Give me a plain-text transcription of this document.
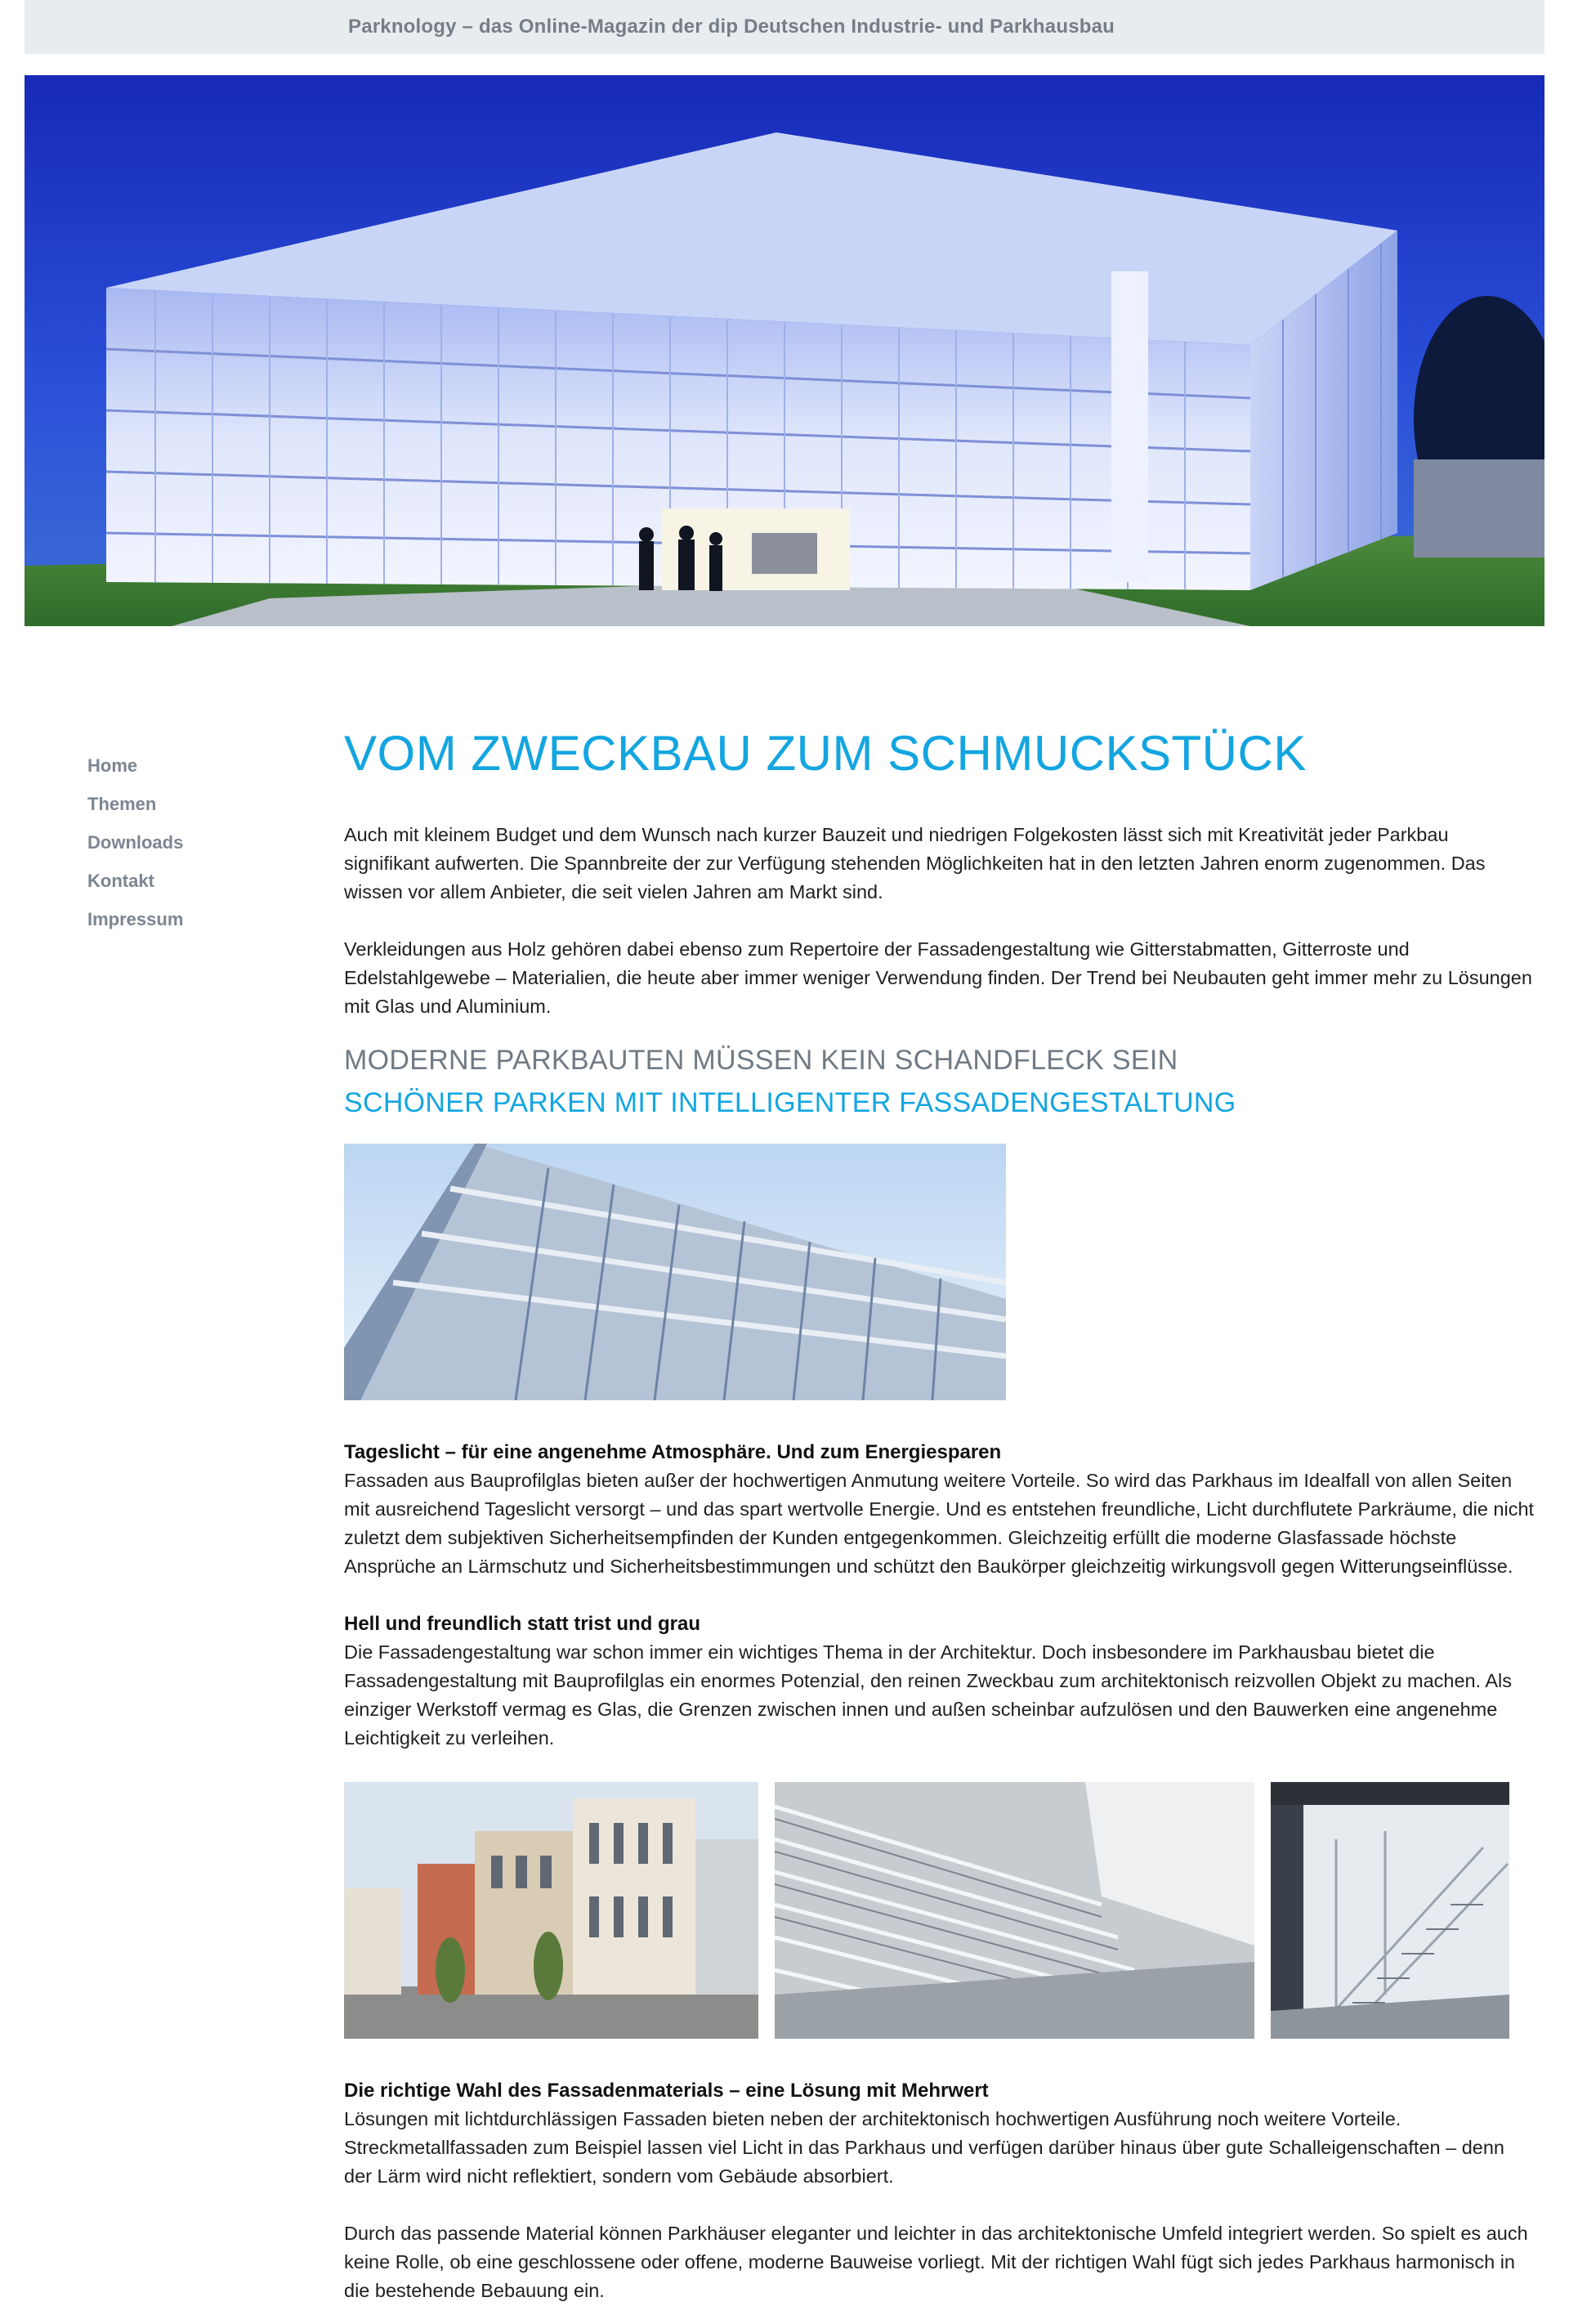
Parknology – das Online-Magazin der dip Deutschen Industrie- und Parkhausbau
Home
Themen
Downloads
Kontakt
Impressum
VOM ZWECKBAU ZUM SCHMUCKSTÜCK

Auch mit kleinem Budget und dem Wunsch nach kurzer Bauzeit und niedrigen Folgekosten lässt sich mit Kreativität jeder Parkbau signifikant aufwerten. Die Spannbreite der zur Verfügung stehenden Möglichkeiten hat in den letzten Jahren enorm zugenommen. Das wissen vor allem Anbieter, die seit vielen Jahren am Markt sind.

Verkleidungen aus Holz gehören dabei ebenso zum Repertoire der Fassadengestaltung wie Gitterstabmatten, Gitterroste und Edelstahlgewebe – Materialien, die heute aber immer weniger Verwendung finden. Der Trend bei Neubauten geht immer mehr zu Lösungen mit Glas und Aluminium.

MODERNE PARKBAUTEN MÜSSEN KEIN SCHANDFLECK SEIN
SCHÖNER PARKEN MIT INTELLIGENTER FASSADENGESTALTUNG
Tageslicht – für eine angenehme Atmosphäre. Und zum Energiesparen

Fassaden aus Bauprofilglas bieten außer der hochwertigen Anmutung weitere Vorteile. So wird das Parkhaus im Idealfall von allen Seiten mit ausreichend Tageslicht versorgt – und das spart wertvolle Energie. Und es entstehen freundliche, Licht durchflutete Parkräume, die nicht zuletzt dem subjektiven Sicherheitsempfinden der Kunden entgegenkommen. Gleichzeitig erfüllt die moderne Glasfassade höchste Ansprüche an Lärmschutz und Sicherheitsbestimmungen und schützt den Baukörper gleichzeitig wirkungsvoll gegen Witterungseinflüsse.

Hell und freundlich statt trist und grau

Die Fassadengestaltung war schon immer ein wichtiges Thema in der Architektur. Doch insbesondere im Parkhausbau bietet die Fassadengestaltung mit Bauprofilglas ein enormes Potenzial, den reinen Zweckbau zum architektonisch reizvollen Objekt zu machen. Als einziger Werkstoff vermag es Glas, die Grenzen zwischen innen und außen scheinbar aufzulösen und den Bauwerken eine angenehme Leichtigkeit zu verleihen.

Die richtige Wahl des Fassadenmaterials – eine Lösung mit Mehrwert

Lösungen mit lichtdurchlässigen Fassaden bieten neben der architektonisch hochwertigen Ausführung noch weitere Vorteile. Streckmetallfassaden zum Beispiel lassen viel Licht in das Parkhaus und verfügen darüber hinaus über gute Schalleigenschaften – denn der Lärm wird nicht reflektiert, sondern vom Gebäude absorbiert.

Durch das passende Material können Parkhäuser eleganter und leichter in das architektonische Umfeld integriert werden. So spielt es auch keine Rolle, ob eine geschlossene oder offene, moderne Bauweise vorliegt. Mit der richtigen Wahl fügt sich jedes Parkhaus harmonisch in die bestehende Bebauung ein.
